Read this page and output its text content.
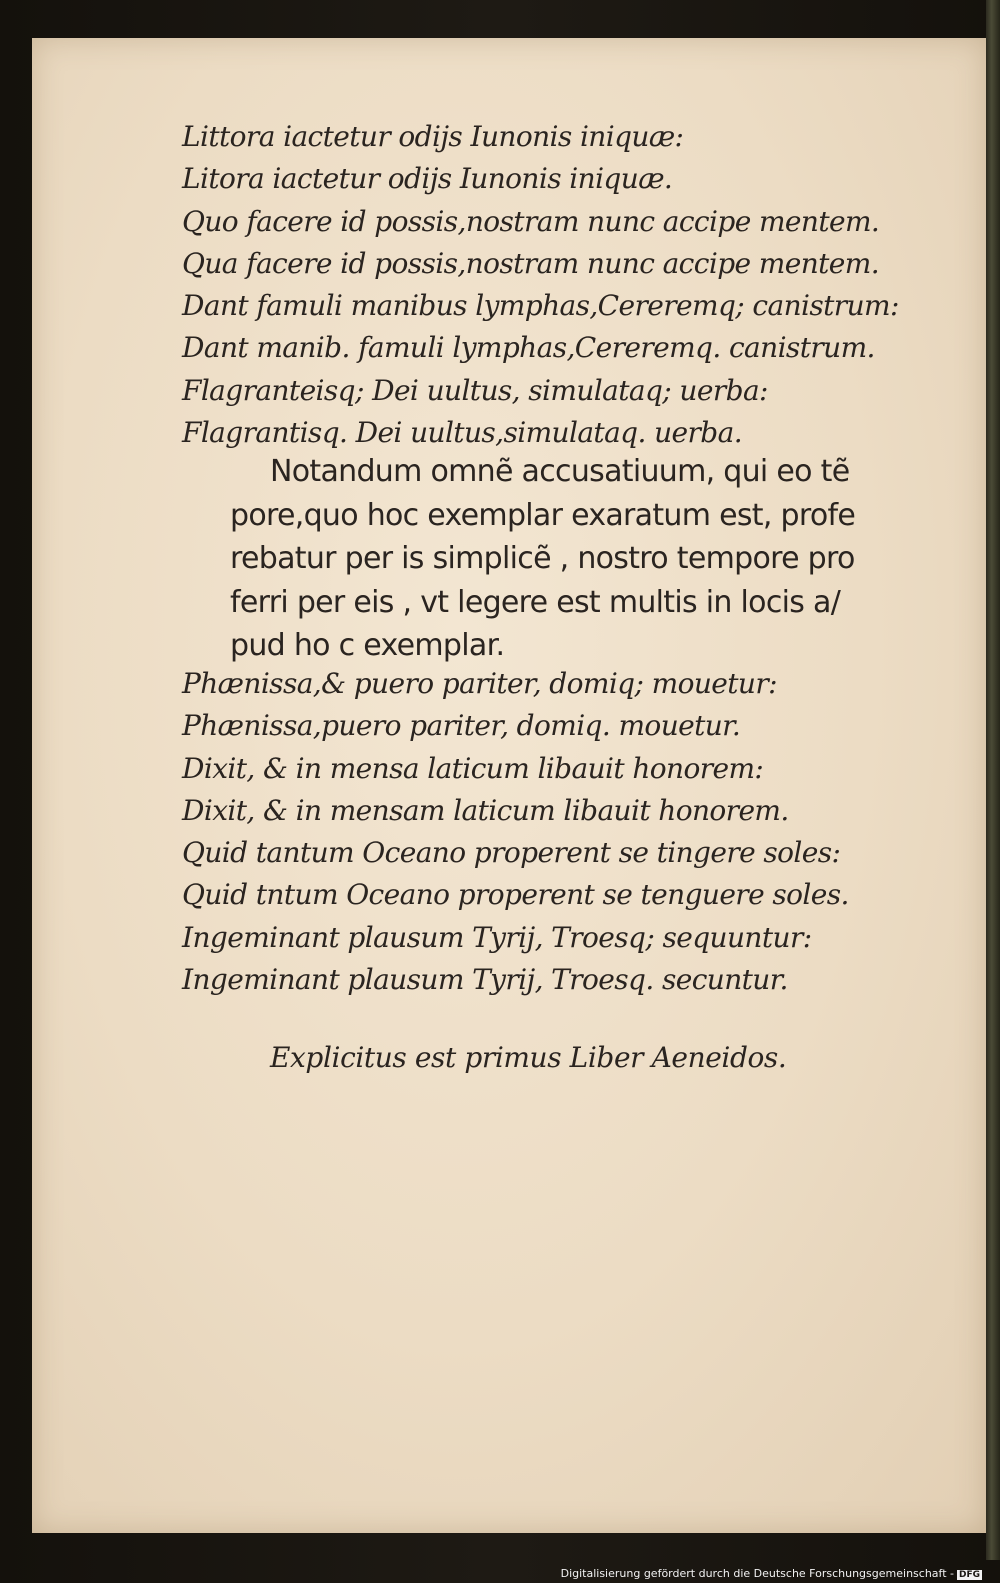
Littora iactetur odijs Iunonis iniquæ:
Litora iactetur odijs Iunonis iniquæ.
Quo facere id possis,nostram nunc accipe mentem.
Qua facere id possis,nostram nunc accipe mentem.
Dant famuli manibus lymphas,Cereremq; canistrum:
Dant manib. famuli lymphas,Cereremq. canistrum.
Flagranteisq; Dei uultus, simulataq; uerba:
Flagrantisq. Dei uultus,simulataq. uerba.
Notandum omnẽ accusatiuum, qui eo tẽ
pore,quo hoc exemplar exaratum est, profe
rebatur per is simplicẽ , nostro tempore pro
ferri per eis , vt legere est multis in locis a/
pud ho c exemplar.
Phænissa,& puero pariter, domiq; mouetur:
Phænissa,puero pariter, domiq. mouetur.
Dixit, & in mensa laticum libauit honorem:
Dixit, & in mensam laticum libauit honorem.
Quid tantum Oceano properent se tingere soles:
Quid tntum Oceano properent se tenguere soles.
Ingeminant plausum Tyrij, Troesq; sequuntur:
Ingeminant plausum Tyrij, Troesq. secuntur.
Explicitus est primus Liber Aeneidos.
Digitalisierung gefördert durch die Deutsche Forschungsgemeinschaft - DFG
